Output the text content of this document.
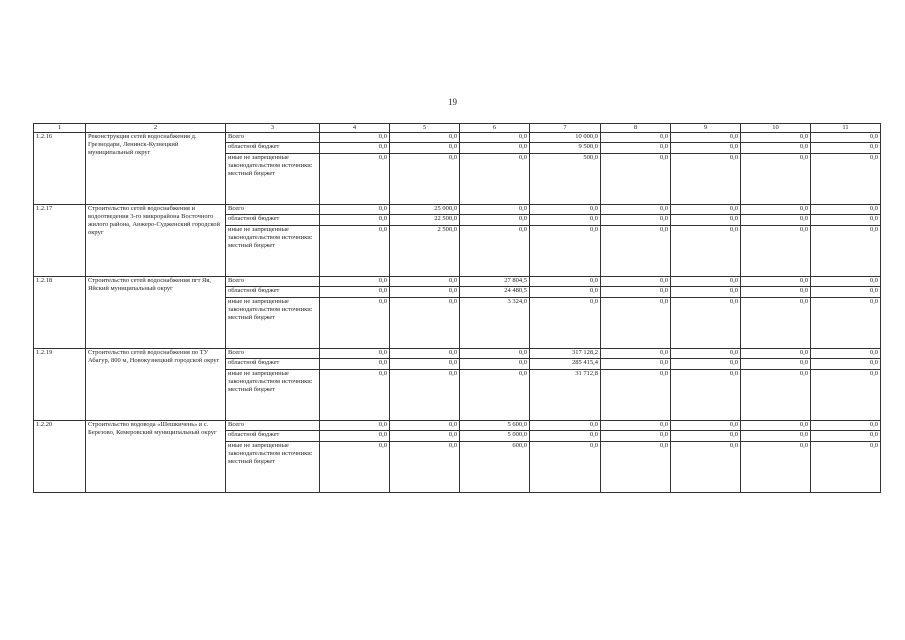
19
1	2	3	4	5	6	7	8	9	10	11
1.2.16	Реконструкция сетей водоснабжения д. Грезнодари, Ленинск-Кузнецкий муниципальный округ	Всего	0,0	0,0	0,0	10 000,0	0,0	0,0	0,0	0,0
		областной бюджет	0,0	0,0	0,0	9 500,0	0,0	0,0	0,0	0,0
		иные не запрещенные законодательством источники: местный бюджет	0,0	0,0	0,0	500,0	0,0	0,0	0,0	0,0
1.2.17	Строительство сетей водоснабжения и водоотведения 3-го микрорайона Восточного жилого района, Анжеро-Судженский городской округ	Всего	0,0	25 000,0	0,0	0,0	0,0	0,0	0,0	0,0
		областной бюджет	0,0	22 500,0	0,0	0,0	0,0	0,0	0,0	0,0
		иные не запрещенные законодательством источники: местный бюджет	0,0	2 500,0	0,0	0,0	0,0	0,0	0,0	0,0
1.2.18	Строительство сетей водоснабжения пгт Яя, Яйский муниципальный округ	Всего	0,0	0,0	27 804,5	0,0	0,0	0,0	0,0	0,0
		областной бюджет	0,0	0,0	24 480,5	0,0	0,0	0,0	0,0	0,0
		иные не запрещенные законодательством источники: местный бюджет	0,0	0,0	3 324,0	0,0	0,0	0,0	0,0	0,0
1.2.19	Строительство сетей водоснабжения по ТУ Абагур, 800 м, Новокузнецкий городской округ	Всего	0,0	0,0	0,0	317 128,2	0,0	0,0	0,0	0,0
		областной бюджет	0,0	0,0	0,0	285 415,4	0,0	0,0	0,0	0,0
		иные не запрещенные законодательством источники: местный бюджет	0,0	0,0	0,0	31 712,8	0,0	0,0	0,0	0,0
1.2.20	Строительство водовода «Шешкичень» в с. Березово, Кемеровский муниципальный округ	Всего	0,0	0,0	5 600,0	0,0	0,0	0,0	0,0	0,0
		областной бюджет	0,0	0,0	5 000,0	0,0	0,0	0,0	0,0	0,0
		иные не запрещенные законодательством источники: местный бюджет	0,0	0,0	600,0	0,0	0,0	0,0	0,0	0,0
